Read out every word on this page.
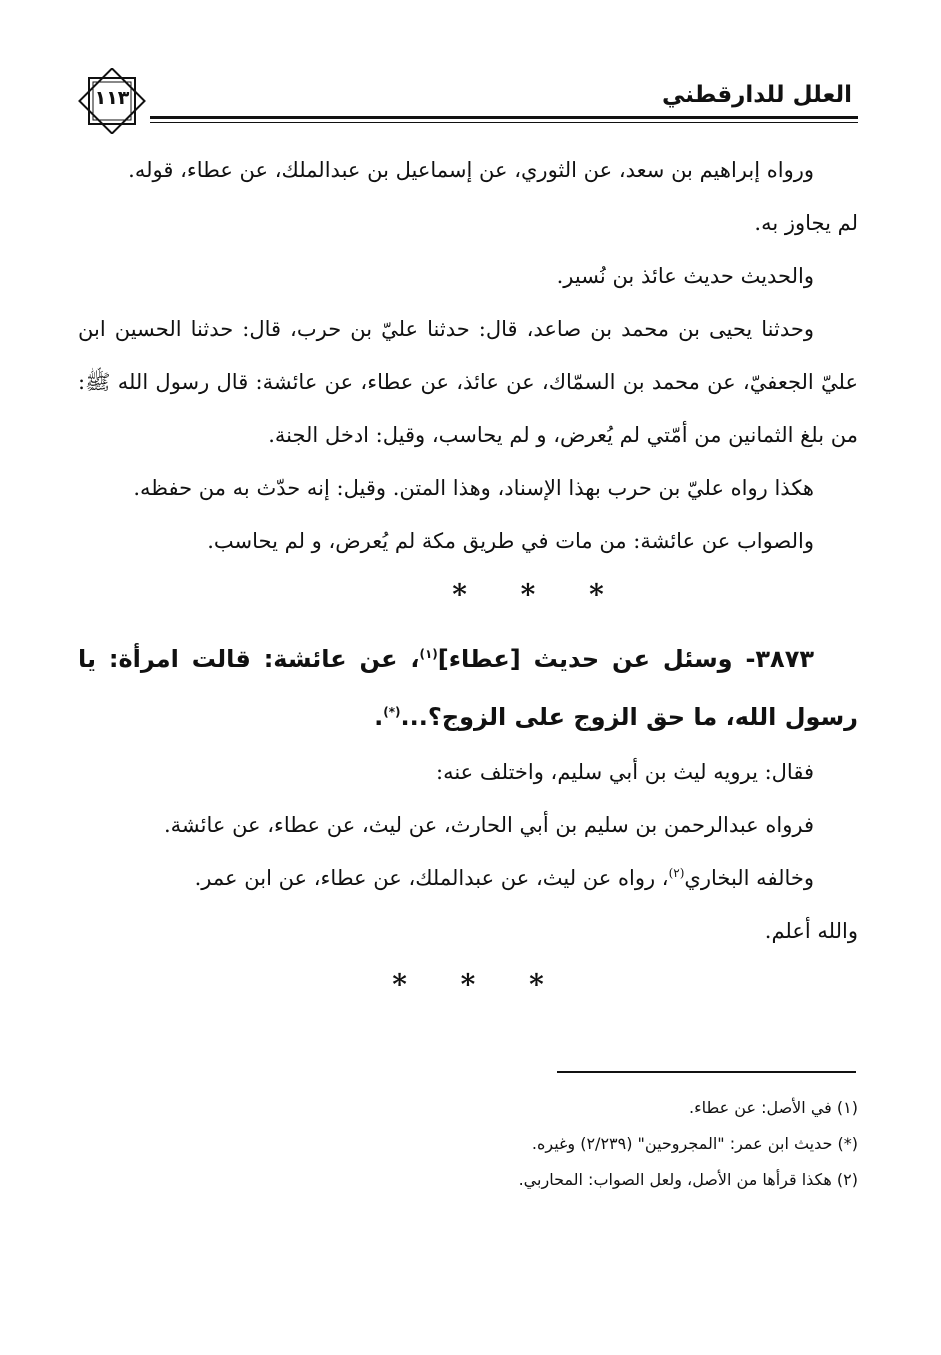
١١٣	العلل للدارقطني

ورواه إبراهيم بن سعد، عن الثوري، عن إسماعيل بن عبدالملك، عن عطاء، قوله.

لم يجاوز به.

والحديث حديث عائذ بن نُسير.

وحدثنا يحيى بن محمد بن صاعد، قال: حدثنا عليّ بن حرب، قال: حدثنا الحسين ابن عليّ الجعفيّ، عن محمد بن السمّاك، عن عائذ، عن عطاء، عن عائشة: قال رسول الله ﷺ: من بلغ الثمانين من أمّتي لم يُعرض، و لم يحاسب، وقيل: ادخل الجنة.

هكذا رواه عليّ بن حرب بهذا الإسناد، وهذا المتن. وقيل: إنه حدّث به من حفظه.

والصواب عن عائشة: من مات في طريق مكة لم يُعرض، و لم يحاسب.

* * *

٣٨٧٣- وسئل عن حديث [عطاء]$^{(١)}$، عن عائشة: قالت امرأة: يا رسول الله، ما حق الزوج على الزوج؟...(*).

فقال: يرويه ليث بن أبي سليم، واختلف عنه:

فرواه عبدالرحمن بن سليم بن أبي الحارث، عن ليث، عن عطاء، عن عائشة.

وخالفه البخاري$^{(٢)}$، رواه عن ليث، عن عبدالملك، عن عطاء، عن ابن عمر.

والله أعلم.

* * *

(١) في الأصل: عن عطاء.

(*) حديث ابن عمر: "المجروحين" (٢/٢٣٩) وغيره.

(٢) هكذا قرأها من الأصل، ولعل الصواب: المحاربي.
